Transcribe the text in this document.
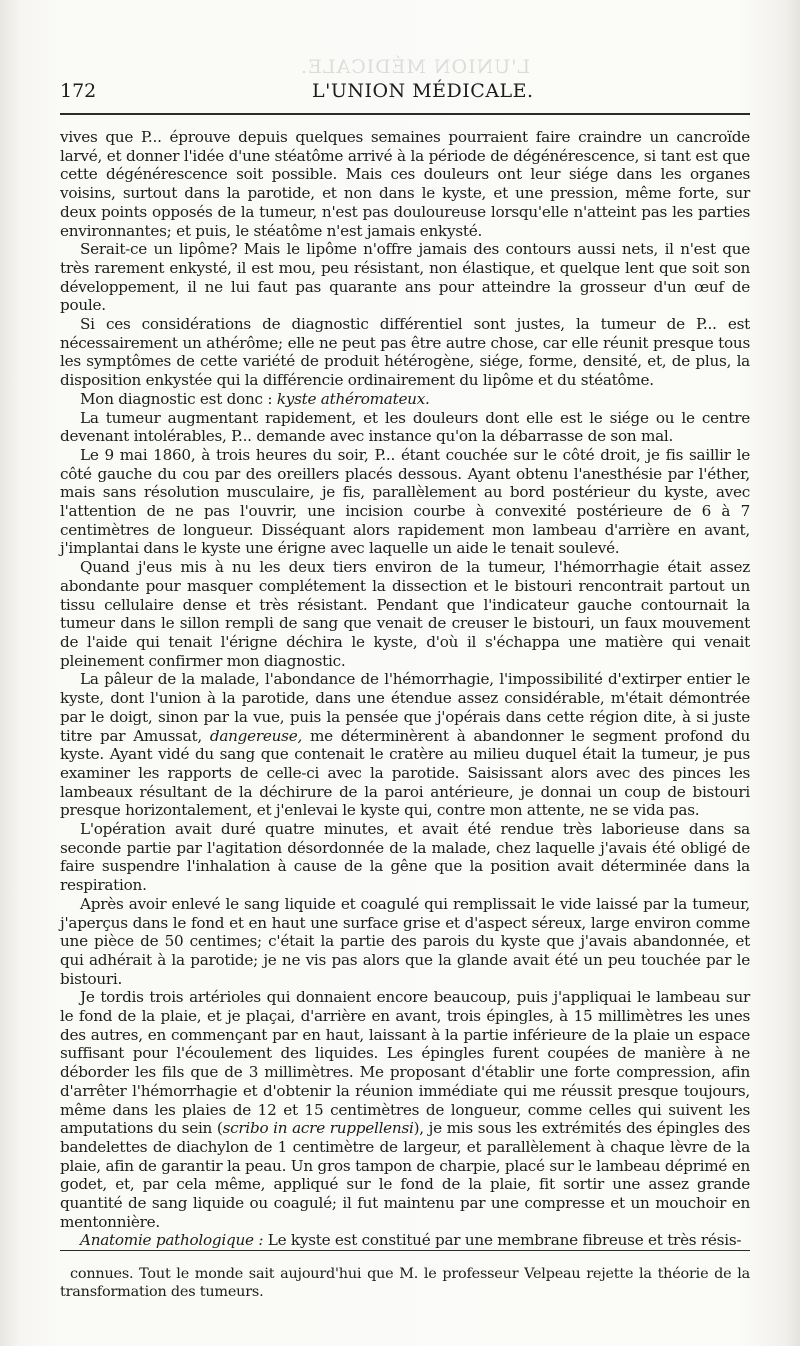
L'UNION MÉDICALE.
172	L'UNION MÉDICALE.

vives que P... éprouve depuis quelques semaines pourraient faire craindre un cancroïde larvé, et donner l'idée d'une stéatôme arrivé à la période de dégénérescence, si tant est que cette dégénérescence soit possible. Mais ces douleurs ont leur siége dans les organes voisins, surtout dans la parotide, et non dans le kyste, et une pression, même forte, sur deux points opposés de la tumeur, n'est pas douloureuse lorsqu'elle n'atteint pas les parties environnantes; et puis, le stéatôme n'est jamais enkysté.

Serait-ce un lipôme? Mais le lipôme n'offre jamais des contours aussi nets, il n'est que très rarement enkysté, il est mou, peu résistant, non élastique, et quelque lent que soit son développement, il ne lui faut pas quarante ans pour atteindre la grosseur d'un œuf de poule.

Si ces considérations de diagnostic différentiel sont justes, la tumeur de P... est nécessairement un athérôme; elle ne peut pas être autre chose, car elle réunit presque tous les symptômes de cette variété de produit hétérogène, siége, forme, densité, et, de plus, la disposition enkystée qui la différencie ordinairement du lipôme et du stéatôme.

Mon diagnostic est donc : kyste athéromateux.

La tumeur augmentant rapidement, et les douleurs dont elle est le siége ou le centre devenant intolérables, P... demande avec instance qu'on la débarrasse de son mal.

Le 9 mai 1860, à trois heures du soir, P... étant couchée sur le côté droit, je fis saillir le côté gauche du cou par des oreillers placés dessous. Ayant obtenu l'anesthésie par l'éther, mais sans résolution musculaire, je fis, parallèlement au bord postérieur du kyste, avec l'attention de ne pas l'ouvrir, une incision courbe à convexité postérieure de 6 à 7 centimètres de longueur. Disséquant alors rapidement mon lambeau d'arrière en avant, j'implantai dans le kyste une érigne avec laquelle un aide le tenait soulevé.

Quand j'eus mis à nu les deux tiers environ de la tumeur, l'hémorrhagie était assez abondante pour masquer complétement la dissection et le bistouri rencontrait partout un tissu cellulaire dense et très résistant. Pendant que l'indicateur gauche contournait la tumeur dans le sillon rempli de sang que venait de creuser le bistouri, un faux mouvement de l'aide qui tenait l'érigne déchira le kyste, d'où il s'échappa une matière qui venait pleinement confirmer mon diagnostic.

La pâleur de la malade, l'abondance de l'hémorrhagie, l'impossibilité d'extirper entier le kyste, dont l'union à la parotide, dans une étendue assez considérable, m'était démontrée par le doigt, sinon par la vue, puis la pensée que j'opérais dans cette région dite, à si juste titre par Amussat, dangereuse, me déterminèrent à abandonner le segment profond du kyste. Ayant vidé du sang que contenait le cratère au milieu duquel était la tumeur, je pus examiner les rapports de celle-ci avec la parotide. Saisissant alors avec des pinces les lambeaux résultant de la déchirure de la paroi antérieure, je donnai un coup de bistouri presque horizontalement, et j'enlevai le kyste qui, contre mon attente, ne se vida pas.

L'opération avait duré quatre minutes, et avait été rendue très laborieuse dans sa seconde partie par l'agitation désordonnée de la malade, chez laquelle j'avais été obligé de faire suspendre l'inhalation à cause de la gêne que la position avait déterminée dans la respiration.

Après avoir enlevé le sang liquide et coagulé qui remplissait le vide laissé par la tumeur, j'aperçus dans le fond et en haut une surface grise et d'aspect séreux, large environ comme une pièce de 50 centimes; c'était la partie des parois du kyste que j'avais abandonnée, et qui adhérait à la parotide; je ne vis pas alors que la glande avait été un peu touchée par le bistouri.

Je tordis trois artérioles qui donnaient encore beaucoup, puis j'appliquai le lambeau sur le fond de la plaie, et je plaçai, d'arrière en avant, trois épingles, à 15 millimètres les unes des autres, en commençant par en haut, laissant à la partie inférieure de la plaie un espace suffisant pour l'écoulement des liquides. Les épingles furent coupées de manière à ne déborder les fils que de 3 millimètres. Me proposant d'établir une forte compression, afin d'arrêter l'hémorrhagie et d'obtenir la réunion immédiate qui me réussit presque toujours, même dans les plaies de 12 et 15 centimètres de longueur, comme celles qui suivent les amputations du sein (scribo in acre ruppellensi), je mis sous les extrémités des épingles des bandelettes de diachylon de 1 centimètre de largeur, et parallèlement à chaque lèvre de la plaie, afin de garantir la peau. Un gros tampon de charpie, placé sur le lambeau déprimé en godet, et, par cela même, appliqué sur le fond de la plaie, fit sortir une assez grande quantité de sang liquide ou coagulé; il fut maintenu par une compresse et un mouchoir en mentonnière.

Anatomie pathologique : Le kyste est constitué par une membrane fibreuse et très résis-

connues. Tout le monde sait aujourd'hui que M. le professeur Velpeau rejette la théorie de la transformation des tumeurs.
